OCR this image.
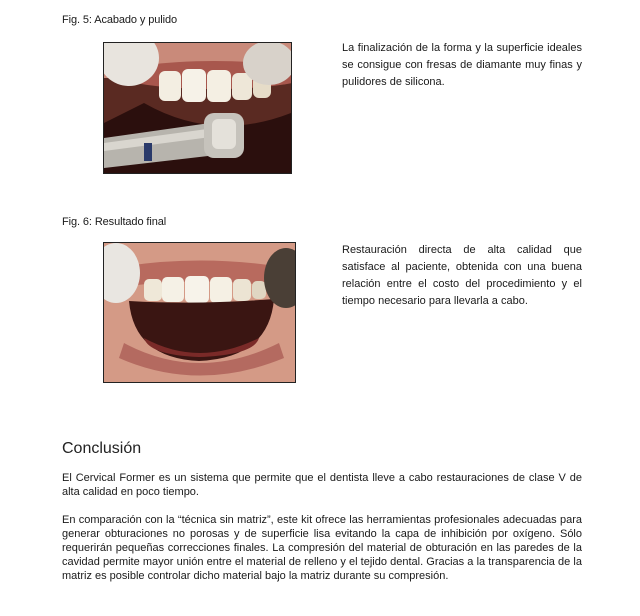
Fig. 5: Acabado y pulido
La finalización de la forma y la superficie ideales se consigue con fresas de diamante muy finas y pulidores de silicona.
Fig. 6: Resultado final
Restauración directa de alta calidad que satisface al paciente, obtenida con una buena relación entre el costo del procedimiento y el tiempo necesario para llevarla a cabo.
Conclusión
El Cervical Former es un sistema que permite que el dentista lleve a cabo restauraciones de clase V de alta calidad en poco tiempo.
En comparación con la “técnica sin matriz”, este kit ofrece las herramientas profesionales adecuadas para generar obturaciones no porosas y de superficie lisa evitando la capa de inhibición por oxígeno. Sólo requerirán pequeñas correcciones finales. La compresión del material de obturación en las paredes de la cavidad permite mayor unión entre el material de relleno y el tejido dental. Gracias a la transparencia de la matriz es posible controlar dicho material bajo la matriz durante su compresión.
